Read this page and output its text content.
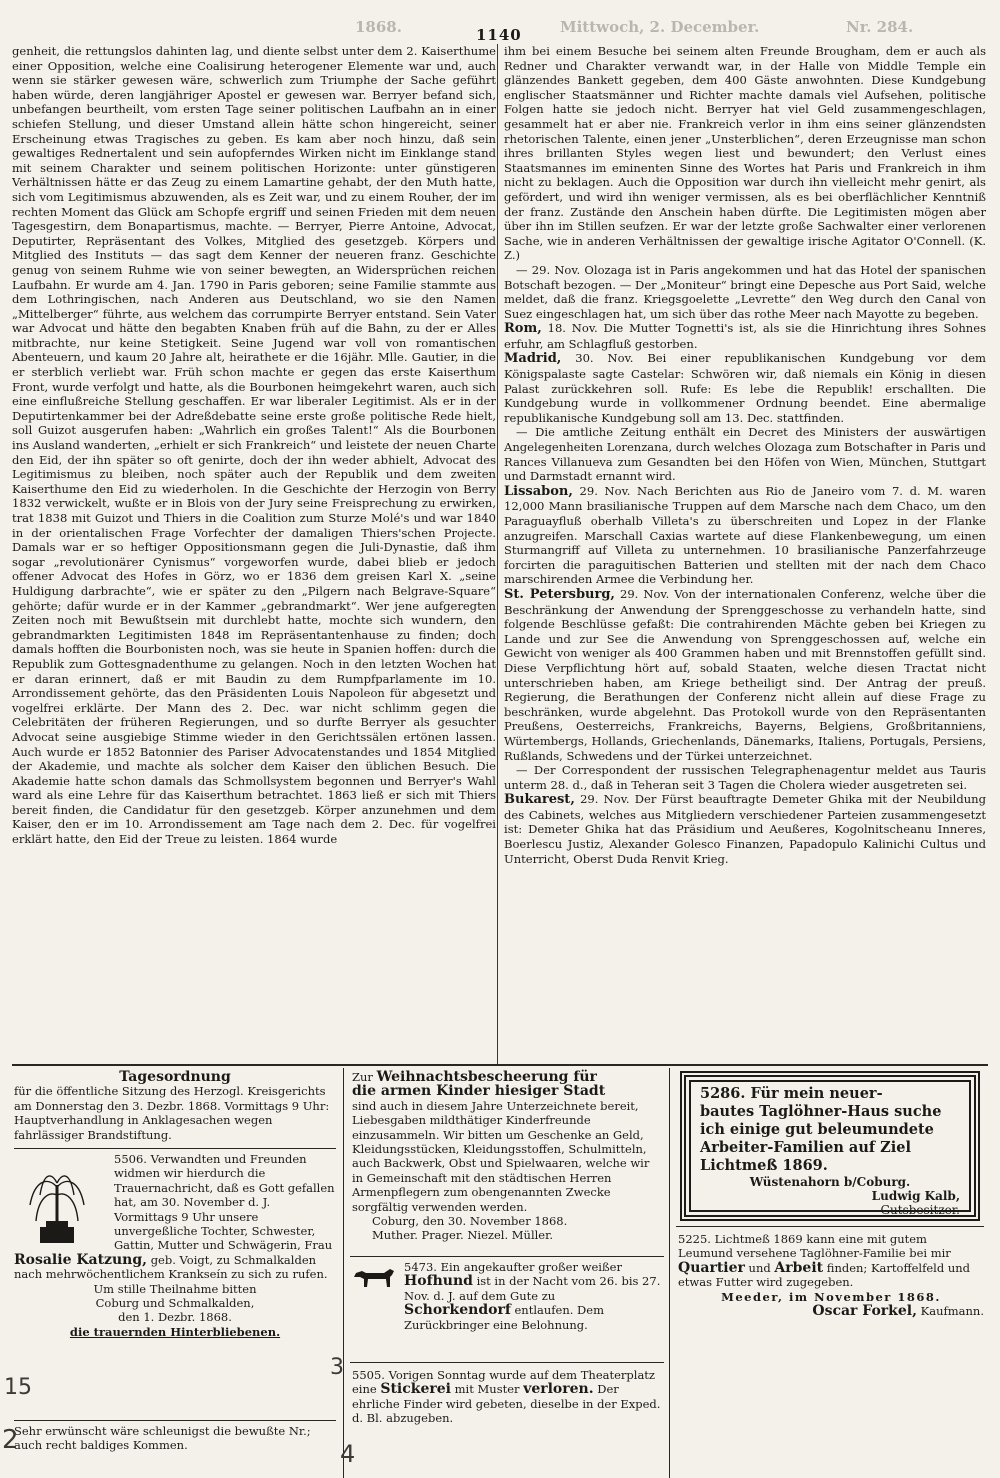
Nr. 284.
Mittwoch, 2. December.
1868.	1140

genheit, die rettungslos dahinten lag, und diente selbst unter dem 2. Kaiserthume einer Opposition, welche eine Coalisirung heterogener Elemente war und, auch wenn sie stärker gewesen wäre, schwerlich zum Triumphe der Sache geführt haben würde, deren langjähriger Apostel er gewesen war. Berryer befand sich, unbefangen beurtheilt, vom ersten Tage seiner politischen Laufbahn an in einer schiefen Stellung, und dieser Umstand allein hätte schon hingereicht, seiner Erscheinung etwas Tragisches zu geben. Es kam aber noch hinzu, daß sein gewaltiges Rednertalent und sein aufopferndes Wirken nicht im Einklange stand mit seinem Charakter und seinem politischen Horizonte: unter günstigeren Verhältnissen hätte er das Zeug zu einem Lamartine gehabt, der den Muth hatte, sich vom Legitimismus abzuwenden, als es Zeit war, und zu einem Rouher, der im rechten Moment das Glück am Schopfe ergriff und seinen Frieden mit dem neuen Tagesgestirn, dem Bonapartismus, machte. — Berryer, Pierre Antoine, Advocat, Deputirter, Repräsentant des Volkes, Mitglied des gesetzgeb. Körpers und Mitglied des Instituts — das sagt dem Kenner der neueren franz. Geschichte genug von seinem Ruhme wie von seiner bewegten, an Widersprüchen reichen Laufbahn. Er wurde am 4. Jan. 1790 in Paris geboren; seine Familie stammte aus dem Lothringischen, nach Anderen aus Deutschland, wo sie den Namen „Mittelberger“ führte, aus welchem das corrumpirte Berryer entstand. Sein Vater war Advocat und hätte den begabten Knaben früh auf die Bahn, zu der er Alles mitbrachte, nur keine Stetigkeit. Seine Jugend war voll von romantischen Abenteuern, und kaum 20 Jahre alt, heirathete er die 16jähr. Mlle. Gautier, in die er sterblich verliebt war. Früh schon machte er gegen das erste Kaiserthum Front, wurde verfolgt und hatte, als die Bourbonen heimgekehrt waren, auch sich eine einflußreiche Stellung geschaffen. Er war liberaler Legitimist. Als er in der Deputirtenkammer bei der Adreßdebatte seine erste große politische Rede hielt, soll Guizot ausgerufen haben: „Wahrlich ein großes Talent!“ Als die Bourbonen ins Ausland wanderten, „erhielt er sich Frankreich“ und leistete der neuen Charte den Eid, der ihn später so oft genirte, doch der ihn weder abhielt, Advocat des Legitimismus zu bleiben, noch später auch der Republik und dem zweiten Kaiserthume den Eid zu wiederholen. In die Geschichte der Herzogin von Berry 1832 verwickelt, wußte er in Blois von der Jury seine Freisprechung zu erwirken, trat 1838 mit Guizot und Thiers in die Coalition zum Sturze Molé's und war 1840 in der orientalischen Frage Vorfechter der damaligen Thiers'schen Projecte. Damals war er so heftiger Oppositionsmann gegen die Juli-Dynastie, daß ihm sogar „revolutionärer Cynismus“ vorgeworfen wurde, dabei blieb er jedoch offener Advocat des Hofes in Görz, wo er 1836 dem greisen Karl X. „seine Huldigung darbrachte“, wie er später zu den „Pilgern nach Belgrave-Square“ gehörte; dafür wurde er in der Kammer „gebrandmarkt“. Wer jene aufgeregten Zeiten noch mit Bewußtsein mit durchlebt hatte, mochte sich wundern, den gebrandmarkten Legitimisten 1848 im Repräsentantenhause zu finden; doch damals hofften die Bourbonisten noch, was sie heute in Spanien hoffen: durch die Republik zum Gottesgnadenthume zu gelangen. Noch in den letzten Wochen hat er daran erinnert, daß er mit Baudin zu dem Rumpfparlamente im 10. Arrondissement gehörte, das den Präsidenten Louis Napoleon für abgesetzt und vogelfrei erklärte. Der Mann des 2. Dec. war nicht schlimm gegen die Celebritäten der früheren Regierungen, und so durfte Berryer als gesuchter Advocat seine ausgiebige Stimme wieder in den Gerichtssälen ertönen lassen. Auch wurde er 1852 Batonnier des Pariser Advocatenstandes und 1854 Mitglied der Akademie, und machte als solcher dem Kaiser den üblichen Besuch. Die Akademie hatte schon damals das Schmollsystem begonnen und Berryer's Wahl ward als eine Lehre für das Kaiserthum betrachtet. 1863 ließ er sich mit Thiers bereit finden, die Candidatur für den gesetzgeb. Körper anzunehmen und dem Kaiser, den er im 10. Arrondissement am Tage nach dem 2. Dec. für vogelfrei erklärt hatte, den Eid der Treue zu leisten. 1864 wurde

ihm bei einem Besuche bei seinem alten Freunde Brougham, dem er auch als Redner und Charakter verwandt war, in der Halle von Middle Temple ein glänzendes Bankett gegeben, dem 400 Gäste anwohnten. Diese Kundgebung englischer Staatsmänner und Richter machte damals viel Aufsehen, politische Folgen hatte sie jedoch nicht. Berryer hat viel Geld zusammengeschlagen, gesammelt hat er aber nie. Frankreich verlor in ihm eins seiner glänzendsten rhetorischen Talente, einen jener „Unsterblichen“, deren Erzeugnisse man schon ihres brillanten Styles wegen liest und bewundert; den Verlust eines Staatsmannes im eminenten Sinne des Wortes hat Paris und Frankreich in ihm nicht zu beklagen. Auch die Opposition war durch ihn vielleicht mehr genirt, als gefördert, und wird ihn weniger vermissen, als es bei oberflächlicher Kenntniß der franz. Zustände den Anschein haben dürfte. Die Legitimisten mögen aber über ihn im Stillen seufzen. Er war der letzte große Sachwalter einer verlorenen Sache, wie in anderen Verhältnissen der gewaltige irische Agitator O'Connell. (K. Z.)

— 29. Nov. Olozaga ist in Paris angekommen und hat das Hotel der spanischen Botschaft bezogen. — Der „Moniteur“ bringt eine Depesche aus Port Said, welche meldet, daß die franz. Kriegsgoelette „Levrette“ den Weg durch den Canal von Suez eingeschlagen hat, um sich über das rothe Meer nach Mayotte zu begeben.

Rom, 18. Nov. Die Mutter Tognetti's ist, als sie die Hinrichtung ihres Sohnes erfuhr, am Schlagfluß gestorben.

Madrid, 30. Nov. Bei einer republikanischen Kundgebung vor dem Königspalaste sagte Castelar: Schwören wir, daß niemals ein König in diesen Palast zurückkehren soll. Rufe: Es lebe die Republik! erschallten. Die Kundgebung wurde in vollkommener Ordnung beendet. Eine abermalige republikanische Kundgebung soll am 13. Dec. stattfinden.

— Die amtliche Zeitung enthält ein Decret des Ministers der auswärtigen Angelegenheiten Lorenzana, durch welches Olozaga zum Botschafter in Paris und Rances Villanueva zum Gesandten bei den Höfen von Wien, München, Stuttgart und Darmstadt ernannt wird.

Lissabon, 29. Nov. Nach Berichten aus Rio de Janeiro vom 7. d. M. waren 12,000 Mann brasilianische Truppen auf dem Marsche nach dem Chaco, um den Paraguayfluß oberhalb Villeta's zu überschreiten und Lopez in der Flanke anzugreifen. Marschall Caxias wartete auf diese Flankenbewegung, um einen Sturmangriff auf Villeta zu unternehmen. 10 brasilianische Panzerfahrzeuge forcirten die paraguitischen Batterien und stellten mit der nach dem Chaco marschirenden Armee die Verbindung her.

St. Petersburg, 29. Nov. Von der internationalen Conferenz, welche über die Beschränkung der Anwendung der Sprenggeschosse zu verhandeln hatte, sind folgende Beschlüsse gefaßt: Die contrahirenden Mächte geben bei Kriegen zu Lande und zur See die Anwendung von Sprenggeschossen auf, welche ein Gewicht von weniger als 400 Grammen haben und mit Brennstoffen gefüllt sind. Diese Verpflichtung hört auf, sobald Staaten, welche diesen Tractat nicht unterschrieben haben, am Kriege betheiligt sind. Der Antrag der preuß. Regierung, die Berathungen der Conferenz nicht allein auf diese Frage zu beschränken, wurde abgelehnt. Das Protokoll wurde von den Repräsentanten Preußens, Oesterreichs, Frankreichs, Bayerns, Belgiens, Großbritanniens, Würtembergs, Hollands, Griechenlands, Dänemarks, Italiens, Portugals, Persiens, Rußlands, Schwedens und der Türkei unterzeichnet.

— Der Correspondent der russischen Telegraphenagentur meldet aus Tauris unterm 28. d., daß in Teheran seit 3 Tagen die Cholera wieder ausgetreten sei.

Bukarest, 29. Nov. Der Fürst beauftragte Demeter Ghika mit der Neubildung des Cabinets, welches aus Mitgliedern verschiedener Parteien zusammengesetzt ist: Demeter Ghika hat das Präsidium und Aeußeres, Kogolnitscheanu Inneres, Boerlescu Justiz, Alexander Golesco Finanzen, Papadopulo Kalinichi Cultus und Unterricht, Oberst Duda Renvit Krieg.

Tagesordnung

für die öffentliche Sitzung des Herzogl. Kreisgerichts am Donnerstag den 3. Dezbr. 1868. Vormittags 9 Uhr: Hauptverhandlung in Anklagesachen wegen fahrlässiger Brandstiftung.

5506. Verwandten und Freunden widmen wir hierdurch die Trauernachricht, daß es Gott gefallen hat, am 30. November d. J. Vormittags 9 Uhr unsere unvergeßliche Tochter, Schwester, Gattin, Mutter und Schwägerin, Frau

Rosalie Katzung, geb. Voigt, zu Schmalkalden nach mehrwöchentlichem Krankseín zu sich zu rufen.

Um stille Theilnahme bitten

Coburg und Schmalkalden,

den 1. Dezbr. 1868.

die trauernden Hinterbliebenen.

Sehr erwünscht wäre schleunigst die bewußte Nr.; auch recht baldiges Kommen.

Zur Weihnachtsbescheerung für

die armen Kinder hiesiger Stadt

sind auch in diesem Jahre Unterzeichnete bereit, Liebesgaben mildthätiger Kinderfreunde einzusammeln. Wir bitten um Geschenke an Geld, Kleidungsstücken, Kleidungsstoffen, Schulmitteln, auch Backwerk, Obst und Spielwaaren, welche wir in Gemeinschaft mit den städtischen Herren Armenpflegern zum obengenannten Zwecke sorgfältig verwenden werden.

Coburg, den 30. November 1868.

Muther. Prager. Niezel. Müller.

5473. Ein angekaufter großer weißer Hofhund ist in der Nacht vom 26. bis 27. Nov. d. J. auf dem Gute zu Schorkendorf entlaufen. Dem Zurückbringer eine Belohnung.

5505. Vorigen Sonntag wurde auf dem Theaterplatz eine Stickerei mit Muster verloren. Der ehrliche Finder wird gebeten, dieselbe in der Exped. d. Bl. abzugeben.

5286. Für mein neuer-
bautes Taglöhner-Haus suche
ich einige gut beleumundete
Arbeiter-Familien auf Ziel
Lichtmeß 1869.

Wüstenahorn b/Coburg.

Ludwig Kalb,

Gutsbesitzer.

5225. Lichtmeß 1869 kann eine mit gutem Leumund versehene Taglöhner-Familie bei mir Quartier und Arbeit finden; Kartoffelfeld und etwas Futter wird zugegeben.

Meeder, im November 1868.

Oscar Forkel, Kaufmann.

15
2	4
3
